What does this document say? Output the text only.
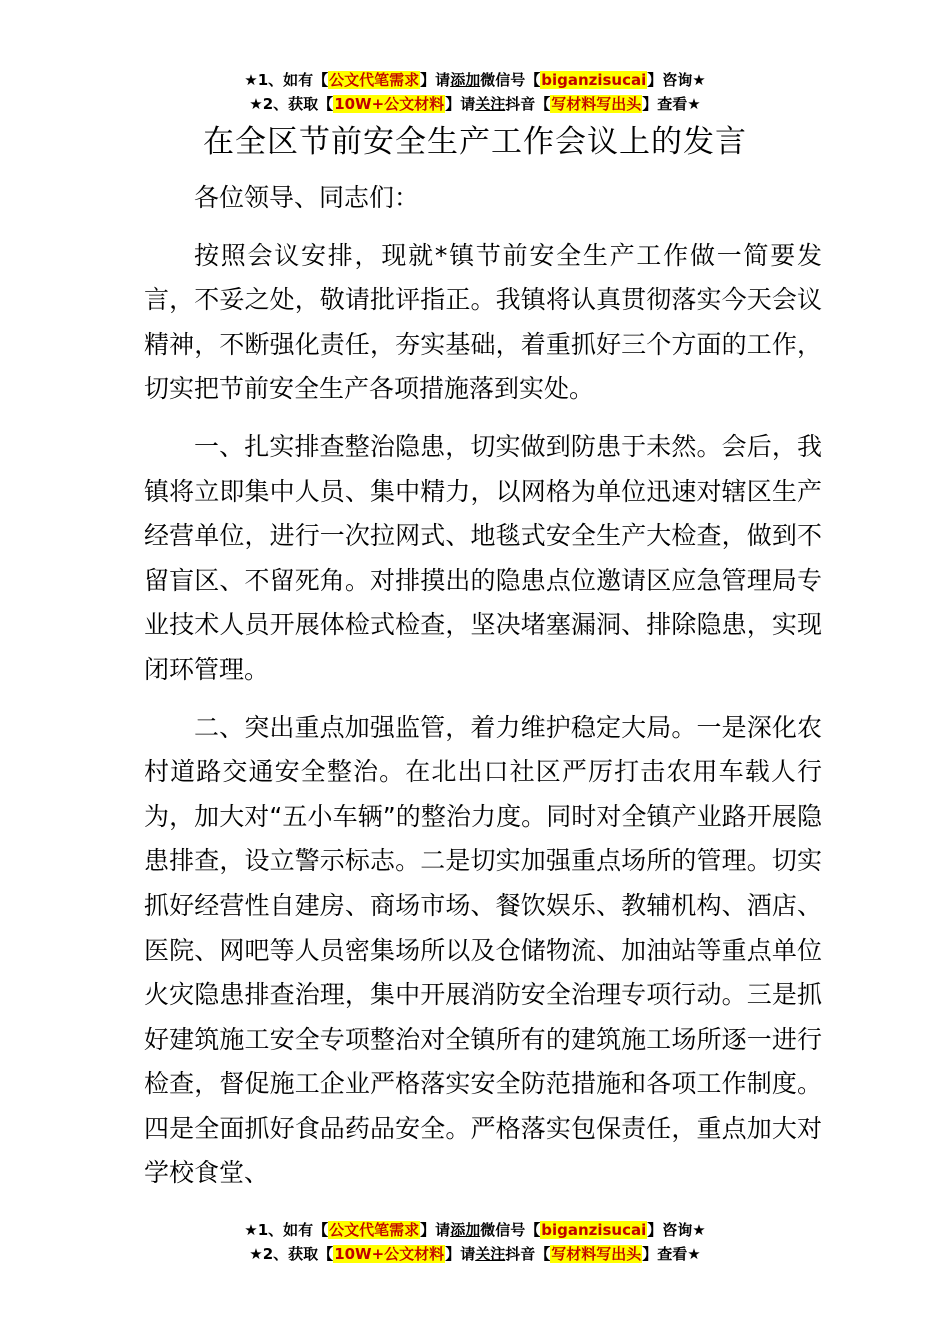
★1、如有【公文代笔需求】请添加微信号【biganzisucai】咨询★
★2、获取【10W+公文材料】请关注抖音【写材料写出头】查看★
在全区节前安全生产工作会议上的发言

各位领导、同志们：

按照会议安排，现就*镇节前安全生产工作做一简要发言，不妥之处，敬请批评指正。我镇将认真贯彻落实今天会议精神，不断强化责任，夯实基础，着重抓好三个方面的工作，切实把节前安全生产各项措施落到实处。

一、扎实排查整治隐患，切实做到防患于未然。会后，我镇将立即集中人员、集中精力，以网格为单位迅速对辖区生产经营单位，进行一次拉网式、地毯式安全生产大检查，做到不留盲区、不留死角。对排摸出的隐患点位邀请区应急管理局专业技术人员开展体检式检查，坚决堵塞漏洞、排除隐患，实现闭环管理。

二、突出重点加强监管，着力维护稳定大局。一是深化农村道路交通安全整治。在北出口社区严厉打击农用车载人行为，加大对“五小车辆”的整治力度。同时对全镇产业路开展隐患排查，设立警示标志。二是切实加强重点场所的管理。切实抓好经营性自建房、商场市场、餐饮娱乐、教辅机构、酒店、医院、网吧等人员密集场所以及仓储物流、加油站等重点单位火灾隐患排查治理，集中开展消防安全治理专项行动。三是抓好建筑施工安全专项整治对全镇所有的建筑施工场所逐一进行检查，督促施工企业严格落实安全防范措施和各项工作制度。四是全面抓好食品药品安全。严格落实包保责任，重点加大对学校食堂、

★1、如有【公文代笔需求】请添加微信号【biganzisucai】咨询★
★2、获取【10W+公文材料】请关注抖音【写材料写出头】查看★
